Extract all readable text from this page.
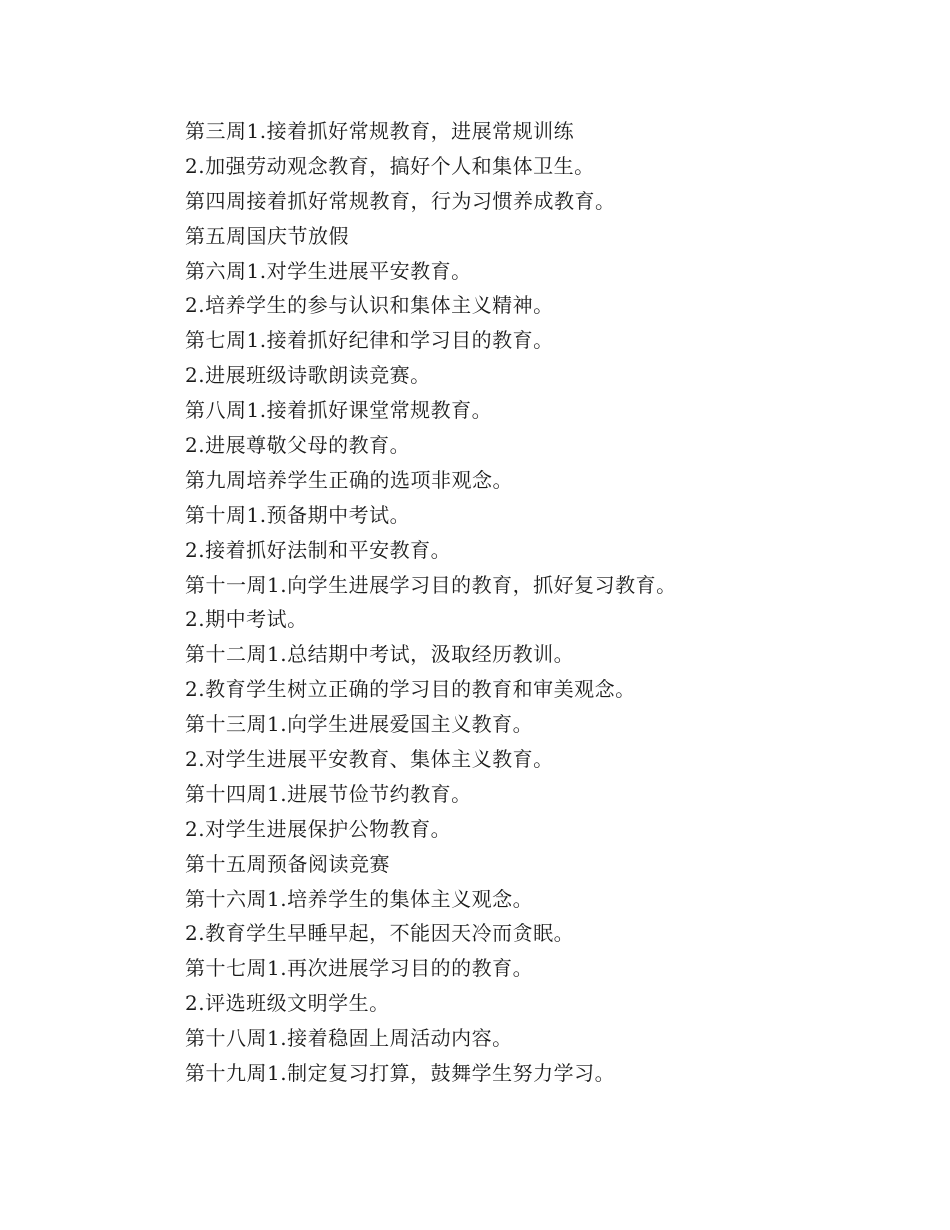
第三周1.接着抓好常规教育，进展常规训练
2.加强劳动观念教育，搞好个人和集体卫生。
第四周接着抓好常规教育，行为习惯养成教育。
第五周国庆节放假
第六周1.对学生进展平安教育。
2.培养学生的参与认识和集体主义精神。
第七周1.接着抓好纪律和学习目的教育。
2.进展班级诗歌朗读竞赛。
第八周1.接着抓好课堂常规教育。
2.进展尊敬父母的教育。
第九周培养学生正确的选项非观念。
第十周1.预备期中考试。
2.接着抓好法制和平安教育。
第十一周1.向学生进展学习目的教育，抓好复习教育。
2.期中考试。
第十二周1.总结期中考试，汲取经历教训。
2.教育学生树立正确的学习目的教育和审美观念。
第十三周1.向学生进展爱国主义教育。
2.对学生进展平安教育、集体主义教育。
第十四周1.进展节俭节约教育。
2.对学生进展保护公物教育。
第十五周预备阅读竞赛
第十六周1.培养学生的集体主义观念。
2.教育学生早睡早起，不能因天冷而贪眠。
第十七周1.再次进展学习目的的教育。
2.评选班级文明学生。
第十八周1.接着稳固上周活动内容。
第十九周1.制定复习打算，鼓舞学生努力学习。
